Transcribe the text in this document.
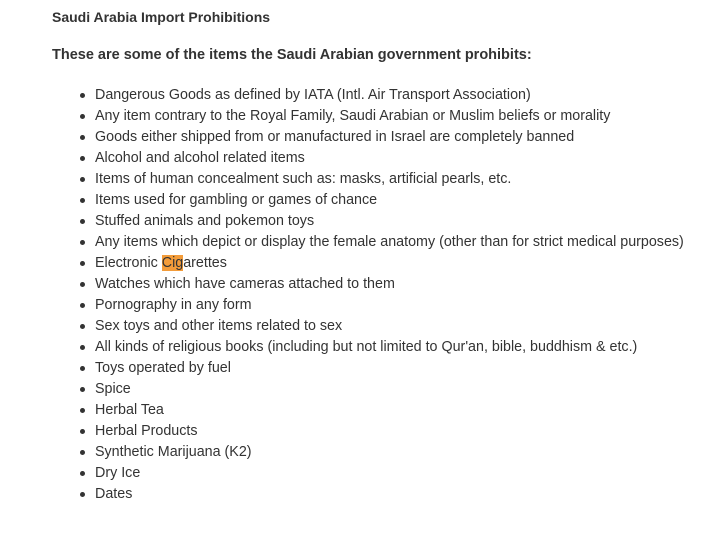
Saudi Arabia Import Prohibitions
These are some of the items the Saudi Arabian government prohibits:
Dangerous Goods as defined by IATA (Intl. Air Transport Association)
Any item contrary to the Royal Family, Saudi Arabian or Muslim beliefs or morality
Goods either shipped from or manufactured in Israel are completely banned
Alcohol and alcohol related items
Items of human concealment such as: masks, artificial pearls, etc.
Items used for gambling or games of chance
Stuffed animals and pokemon toys
Any items which depict or display the female anatomy (other than for strict medical purposes)
Electronic Cigarettes
Watches which have cameras attached to them
Pornography in any form
Sex toys and other items related to sex
All kinds of religious books (including but not limited to Qur'an, bible, buddhism & etc.)
Toys operated by fuel
Spice
Herbal Tea
Herbal Products
Synthetic Marijuana (K2)
Dry Ice
Dates
